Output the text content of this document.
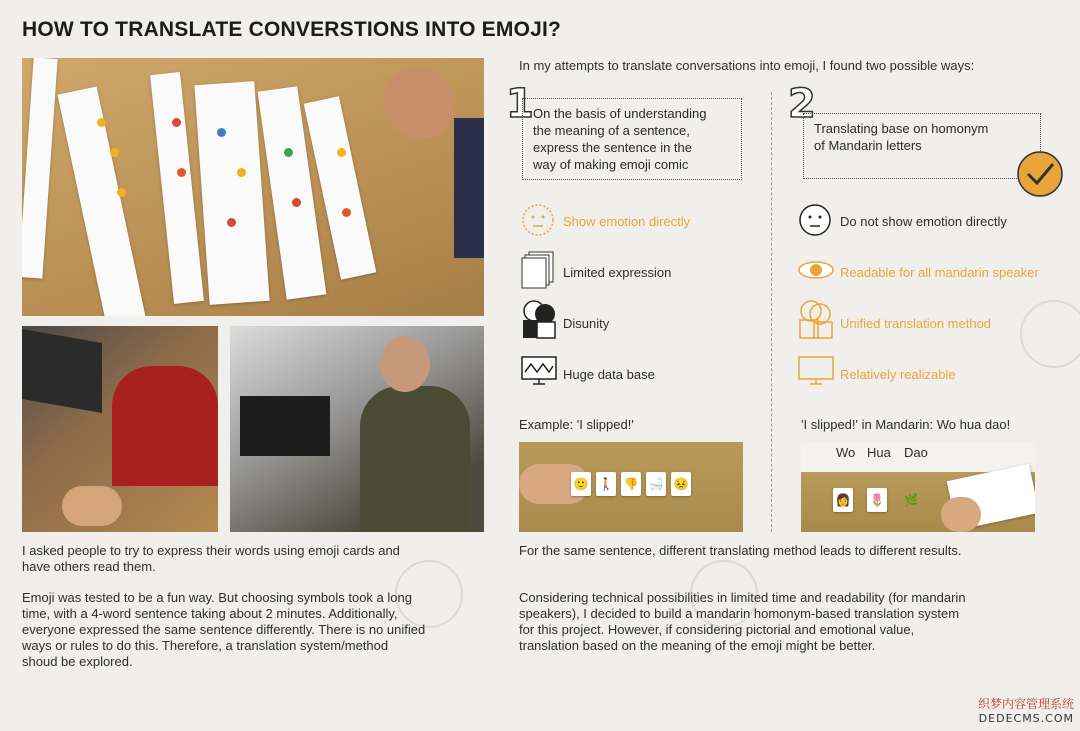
HOW TO TRANSLATE CONVERSTIONS INTO EMOJI?
In my attempts to translate conversations into emoji, I found two possible ways:
1 On the basis of understanding
the meaning of a sentence,
express the sentence in the
way of making emoji comic
2
Translating base on homonym
of Mandarin letters
Show emotion directly
Limited expression
Disunity
Huge data base
Do not show emotion directly
Readable for all mandarin speaker
Unified translation method
Relatively realizable
Example: 'I slipped!'
🙂 🚶 👎 🛁 😣
'I slipped!' in Mandarin: Wo hua dao!
Wo Hua Dao
👩 🌷 🌿
I asked people to try to express their words using emoji cards and
have others read them.
Emoji was tested to be a fun way. But choosing symbols took a long
time, with a 4-word sentence taking about 2 minutes. Additionally,
everyone expressed the same sentence differently. There is no unified
ways or rules to do this. Therefore, a translation system/method
shoud be explored.
For the same sentence, different translating method leads to different results.
Considering technical possibilities in limited time and readability (for mandarin
speakers), I decided to build a mandarin homonym-based translation system
for this project. However, if considering pictorial and emotional value,
translation based on the meaning of the emoji might be better.
织梦内容管理系统
DEDECMS.COM
